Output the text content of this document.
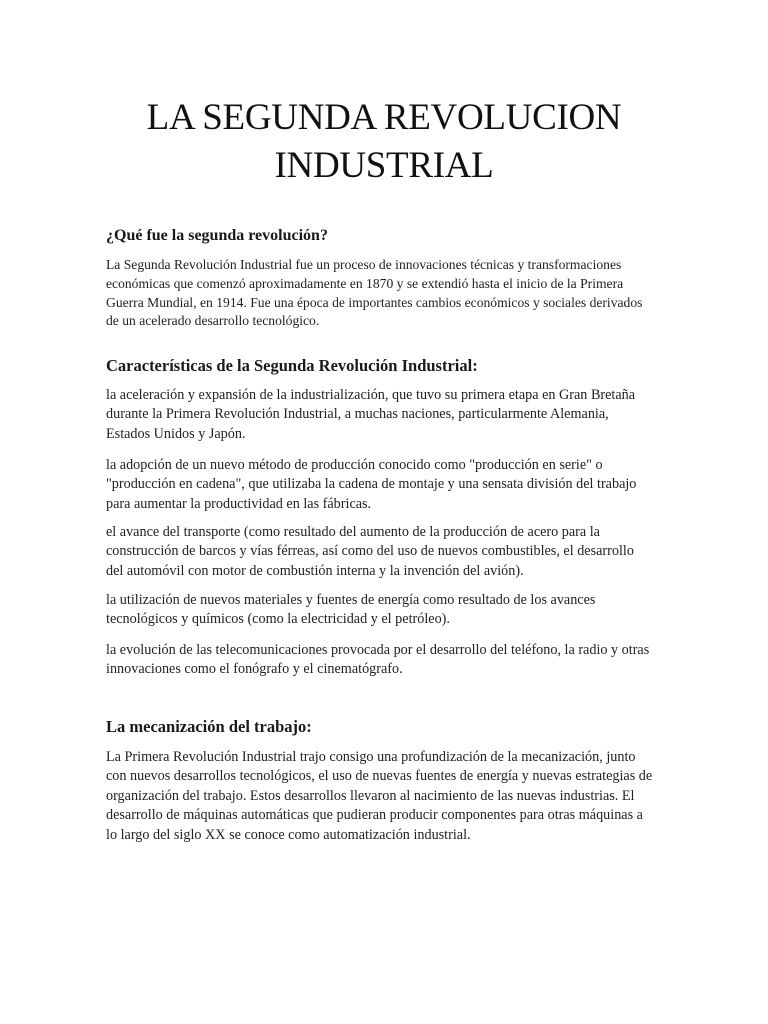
LA SEGUNDA REVOLUCION INDUSTRIAL
¿Qué fue la segunda revolución?

La Segunda Revolución Industrial fue un proceso de innovaciones técnicas y transformaciones económicas que comenzó aproximadamente en 1870 y se extendió hasta el inicio de la Primera Guerra Mundial, en 1914. Fue una época de importantes cambios económicos y sociales derivados de un acelerado desarrollo tecnológico.

Características de la Segunda Revolución Industrial:

la aceleración y expansión de la industrialización, que tuvo su primera etapa en Gran Bretaña durante la Primera Revolución Industrial, a muchas naciones, particularmente Alemania, Estados Unidos y Japón.

la adopción de un nuevo método de producción conocido como "producción en serie" o "producción en cadena", que utilizaba la cadena de montaje y una sensata división del trabajo para aumentar la productividad en las fábricas.

el avance del transporte (como resultado del aumento de la producción de acero para la construcción de barcos y vías férreas, así como del uso de nuevos combustibles, el desarrollo del automóvil con motor de combustión interna y la invención del avión).

la utilización de nuevos materiales y fuentes de energía como resultado de los avances tecnológicos y químicos (como la electricidad y el petróleo).

la evolución de las telecomunicaciones provocada por el desarrollo del teléfono, la radio y otras innovaciones como el fonógrafo y el cinematógrafo.

La mecanización del trabajo:

La Primera Revolución Industrial trajo consigo una profundización de la mecanización, junto con nuevos desarrollos tecnológicos, el uso de nuevas fuentes de energía y nuevas estrategias de organización del trabajo. Estos desarrollos llevaron al nacimiento de las nuevas industrias. El desarrollo de máquinas automáticas que pudieran producir componentes para otras máquinas a lo largo del siglo XX se conoce como automatización industrial.
